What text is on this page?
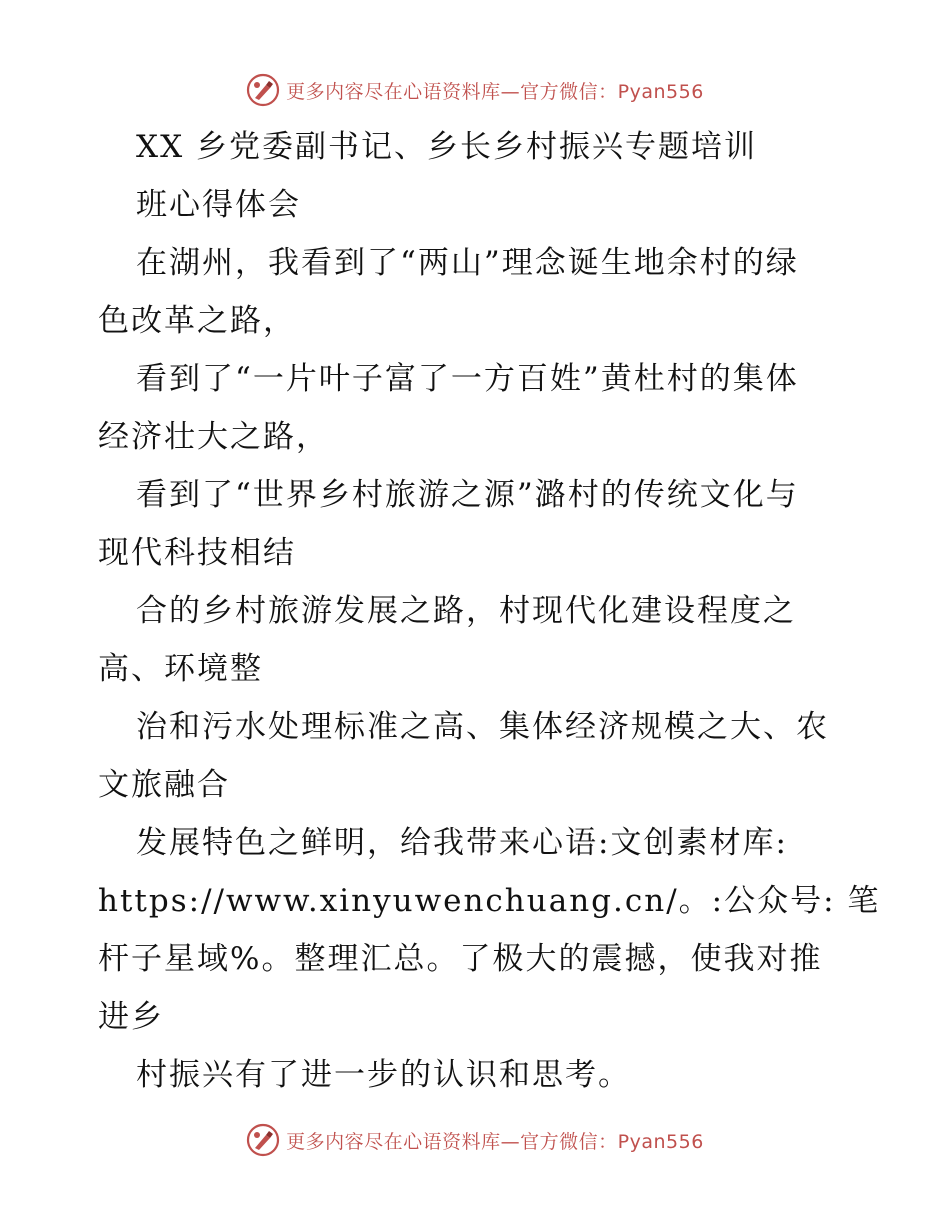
更多内容尽在心语资料库—官方微信：Pyan556
XX 乡党委副书记、乡长乡村振兴专题培训
班心得体会
在湖州，我看到了“两山”理念诞生地余村的绿
色改革之路，
看到了“一片叶子富了一方百姓”黄杜村的集体
经济壮大之路，
看到了“世界乡村旅游之源”潞村的传统文化与
现代科技相结
合的乡村旅游发展之路，村现代化建设程度之
高、环境整
治和污水处理标准之高、集体经济规模之大、农
文旅融合
发展特色之鲜明，给我带来心语:文创素材库:
https://www.xinyuwenchuang.cn/。:公众号: 笔
杆子星域%。整理汇总。了极大的震撼，使我对推
进乡
村振兴有了进一步的认识和思考。
更多内容尽在心语资料库—官方微信：Pyan556
